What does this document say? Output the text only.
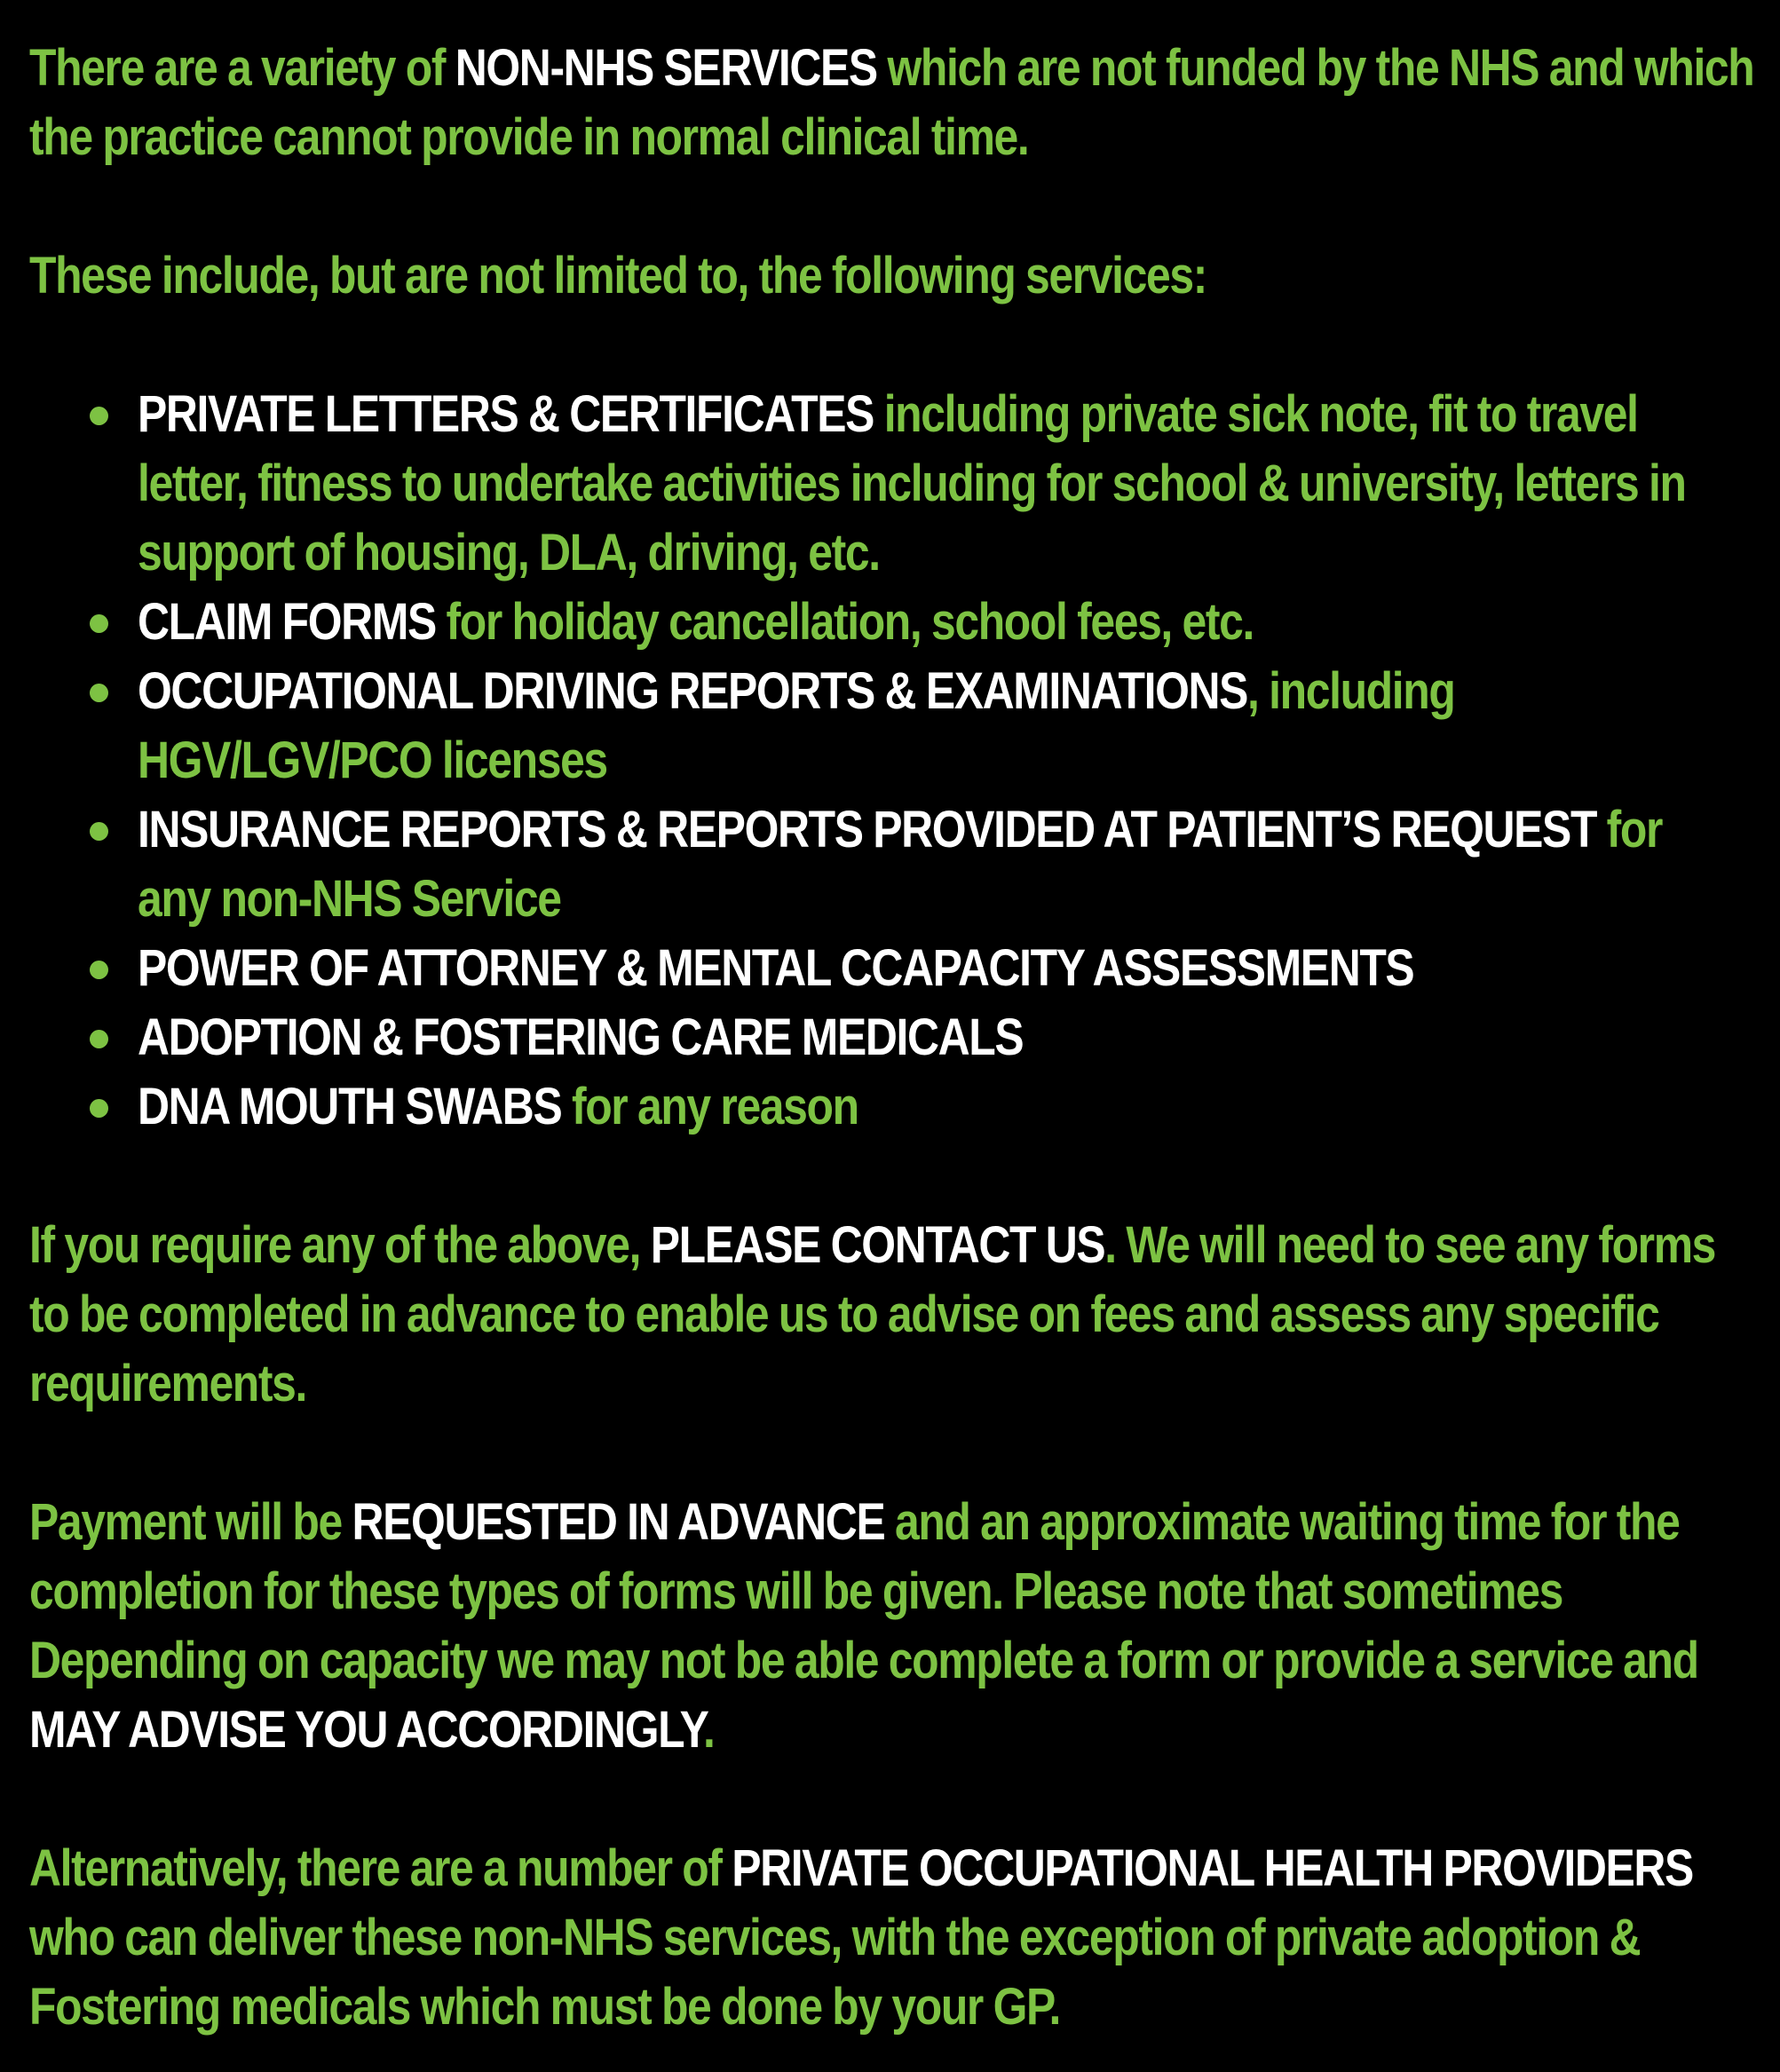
There are a variety of NON-NHS SERVICES which are not funded by the NHS and which the practice cannot provide in normal clinical time.

These include, but are not limited to, the following services:

PRIVATE LETTERS & CERTIFICATES including private sick note, fit to travel letter, fitness to undertake activities including for school & university, letters in support of housing, DLA, driving, etc.
CLAIM FORMS for holiday cancellation, school fees, etc.
OCCUPATIONAL DRIVING REPORTS & EXAMINATIONS, including HGV/LGV/PCO licenses
INSURANCE REPORTS & REPORTS PROVIDED AT PATIENT’S REQUEST for any non-NHS Service
POWER OF ATTORNEY & MENTAL CCAPACITY ASSESSMENTS
ADOPTION & FOSTERING CARE MEDICALS
DNA MOUTH SWABS for any reason

If you require any of the above, PLEASE CONTACT US. We will need to see any forms to be completed in advance to enable us to advise on fees and assess any specific requirements.

Payment will be REQUESTED IN ADVANCE and an approximate waiting time for the completion for these types of forms will be given. Please note that sometimes Depending on capacity we may not be able complete a form or provide a service and MAY ADVISE YOU ACCORDINGLY.

Alternatively, there are a number of PRIVATE OCCUPATIONAL HEALTH PROVIDERS who can deliver these non-NHS services, with the exception of private adoption & Fostering medicals which must be done by your GP.
